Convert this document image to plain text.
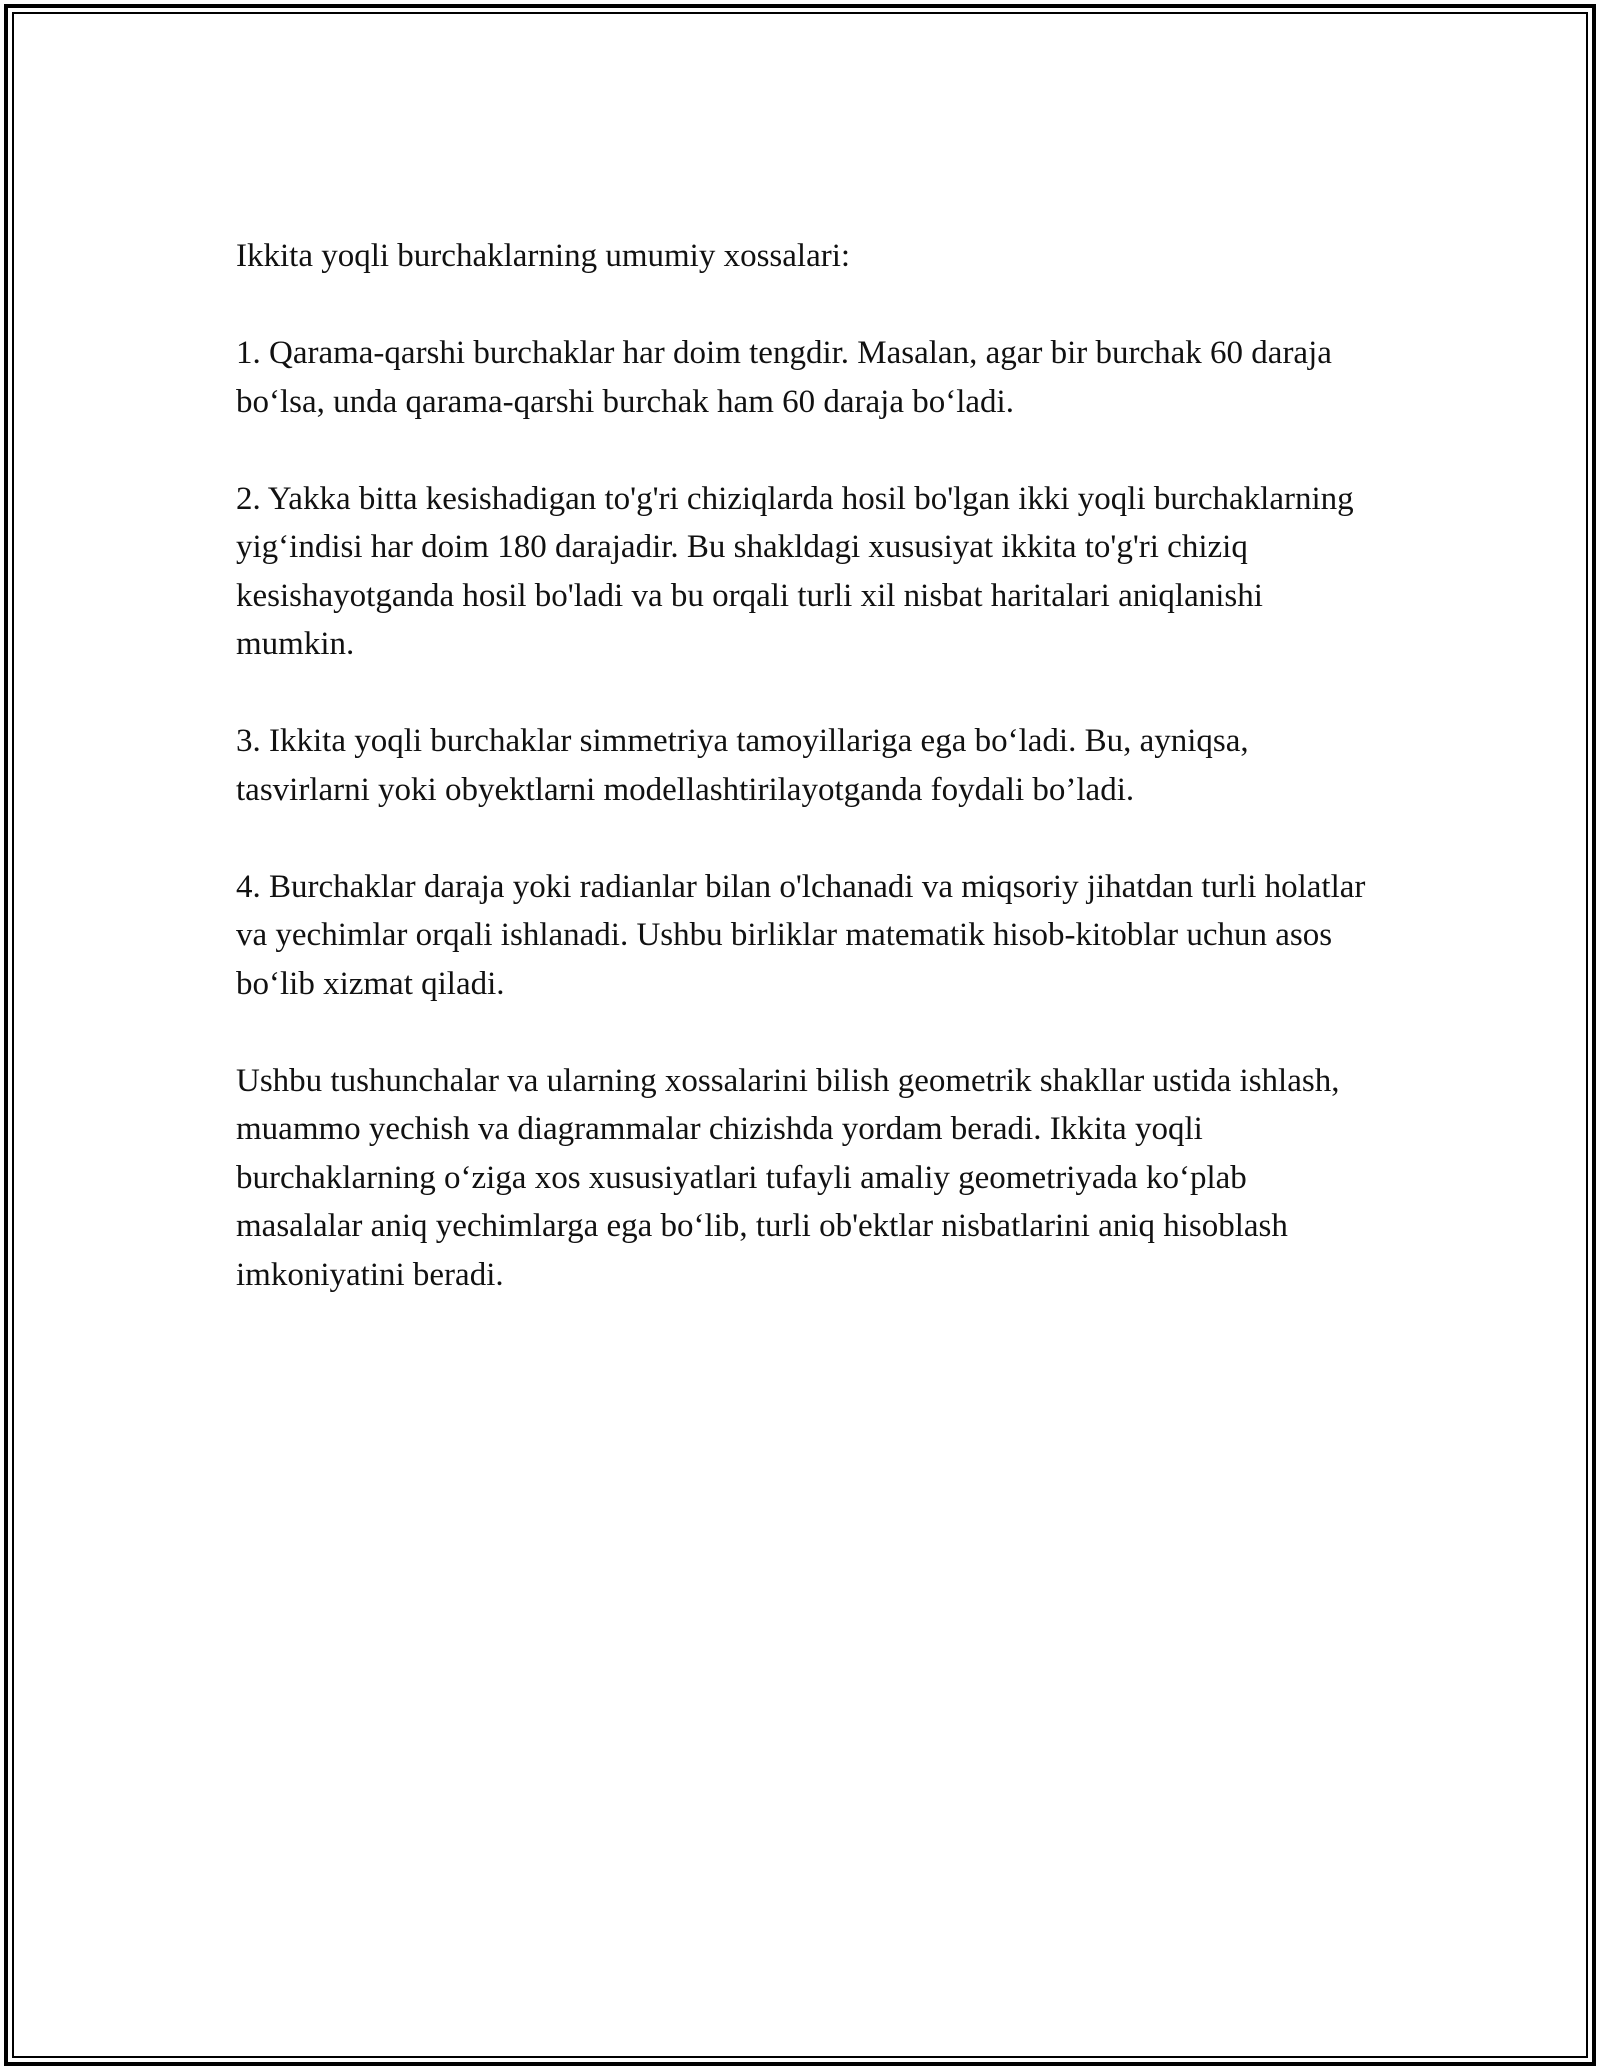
Ikkita yoqli burchaklarning umumiy xossalari:

1. Qarama-qarshi burchaklar har doim tengdir. Masalan, agar bir burchak 60 daraja bo‘lsa, unda qarama-qarshi burchak ham 60 daraja bo‘ladi.

2. Yakka bitta kesishadigan to'g'ri chiziqlarda hosil bo'lgan ikki yoqli burchaklarning yig‘indisi har doim 180 darajadir. Bu shakldagi xususiyat ikkita to'g'ri chiziq kesishayotganda hosil bo'ladi va bu orqali turli xil nisbat haritalari aniqlanishi mumkin.

3. Ikkita yoqli burchaklar simmetriya tamoyillariga ega bo‘ladi. Bu, ayniqsa, tasvirlarni yoki obyektlarni modellashtirilayotganda foydali bo’ladi.

4. Burchaklar daraja yoki radianlar bilan o'lchanadi va miqsoriy jihatdan turli holatlar va yechimlar orqali ishlanadi. Ushbu birliklar matematik hisob-kitoblar uchun asos bo‘lib xizmat qiladi.

Ushbu tushunchalar va ularning xossalarini bilish geometrik shakllar ustida ishlash, muammo yechish va diagrammalar chizishda yordam beradi. Ikkita yoqli burchaklarning o‘ziga xos xususiyatlari tufayli amaliy geometriyada ko‘plab masalalar aniq yechimlarga ega bo‘lib, turli ob'ektlar nisbatlarini aniq hisoblash imkoniyatini beradi.
